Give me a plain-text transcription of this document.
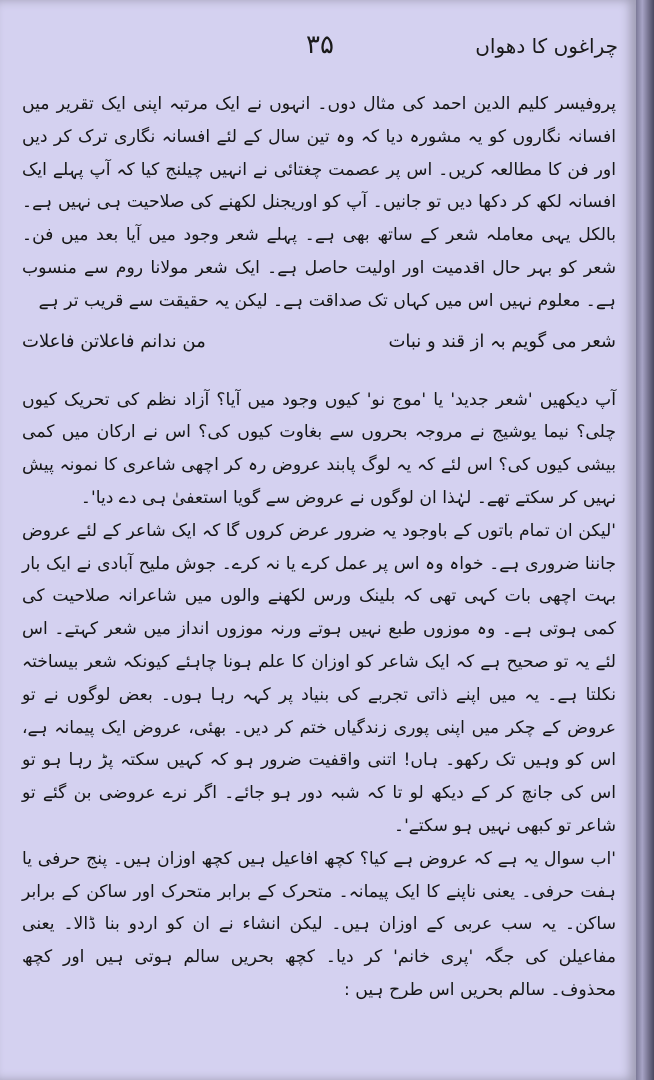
چراغوں کا دھواں
۳۵

پروفیسر کلیم الدین احمد کی مثال دوں۔ انہوں نے ایک مرتبہ اپنی ایک تقریر میں افسانہ نگاروں کو یہ مشورہ دیا کہ وہ تین سال کے لئے افسانہ نگاری ترک کر دیں اور فن کا مطالعہ کریں۔ اس پر عصمت چغتائی نے انہیں چیلنج کیا کہ آپ پہلے ایک افسانہ لکھ کر دکھا دیں تو جانیں۔ آپ کو اوریجنل لکھنے کی صلاحیت ہی نہیں ہے۔ بالکل یہی معاملہ شعر کے ساتھ بھی ہے۔ پہلے شعر وجود میں آیا بعد میں فن۔ شعر کو بہر حال اقدمیت اور اولیت حاصل ہے۔ ایک شعر مولانا روم سے منسوب ہے۔ معلوم نہیں اس میں کہاں تک صداقت ہے۔ لیکن یہ حقیقت سے قریب تر ہے

شعر می گویم بہ از قند و نبات
من ندانم فاعلاتن فاعلات

آپ دیکھیں 'شعر جدید' یا 'موج نو' کیوں وجود میں آیا؟ آزاد نظم کی تحریک کیوں چلی؟ نیما یوشیج نے مروجہ بحروں سے بغاوت کیوں کی؟ اس نے ارکان میں کمی بیشی کیوں کی؟ اس لئے کہ یہ لوگ پابند عروض رہ کر اچھی شاعری کا نمونہ پیش نہیں کر سکتے تھے۔ لہٰذا ان لوگوں نے عروض سے گویا استعفیٰ ہی دے دیا'۔

'لیکن ان تمام باتوں کے باوجود یہ ضرور عرض کروں گا کہ ایک شاعر کے لئے عروض جاننا ضروری ہے۔ خواہ وہ اس پر عمل کرے یا نہ کرے۔ جوش ملیح آبادی نے ایک بار بہت اچھی بات کہی تھی کہ بلینک ورس لکھنے والوں میں شاعرانہ صلاحیت کی کمی ہوتی ہے۔ وہ موزوں طبع نہیں ہوتے ورنہ موزوں انداز میں شعر کہتے۔ اس لئے یہ تو صحیح ہے کہ ایک شاعر کو اوزان کا علم ہونا چاہئے کیونکہ شعر بیساختہ نکلتا ہے۔ یہ میں اپنے ذاتی تجربے کی بنیاد پر کہہ رہا ہوں۔ بعض لوگوں نے تو عروض کے چکر میں اپنی پوری زندگیاں ختم کر دیں۔ بھئی، عروض ایک پیمانہ ہے، اس کو وہیں تک رکھو۔ ہاں! اتنی واقفیت ضرور ہو کہ کہیں سکتہ پڑ رہا ہو تو اس کی جانچ کر کے دیکھ لو تا کہ شبہ دور ہو جائے۔ اگر نرے عروضی بن گئے تو شاعر تو کبھی نہیں ہو سکتے'۔

'اب سوال یہ ہے کہ عروض ہے کیا؟ کچھ افاعیل ہیں کچھ اوزان ہیں۔ پنج حرفی یا ہفت حرفی۔ یعنی ناپنے کا ایک پیمانہ۔ متحرک کے برابر متحرک اور ساکن کے برابر ساکن۔ یہ سب عربی کے اوزان ہیں۔ لیکن انشاء نے ان کو اردو بنا ڈالا۔ یعنی مفاعیلن کی جگہ 'پری خانم' کر دیا۔ کچھ بحریں سالم ہوتی ہیں اور کچھ محذوف۔ سالم بحریں اس طرح ہیں :
